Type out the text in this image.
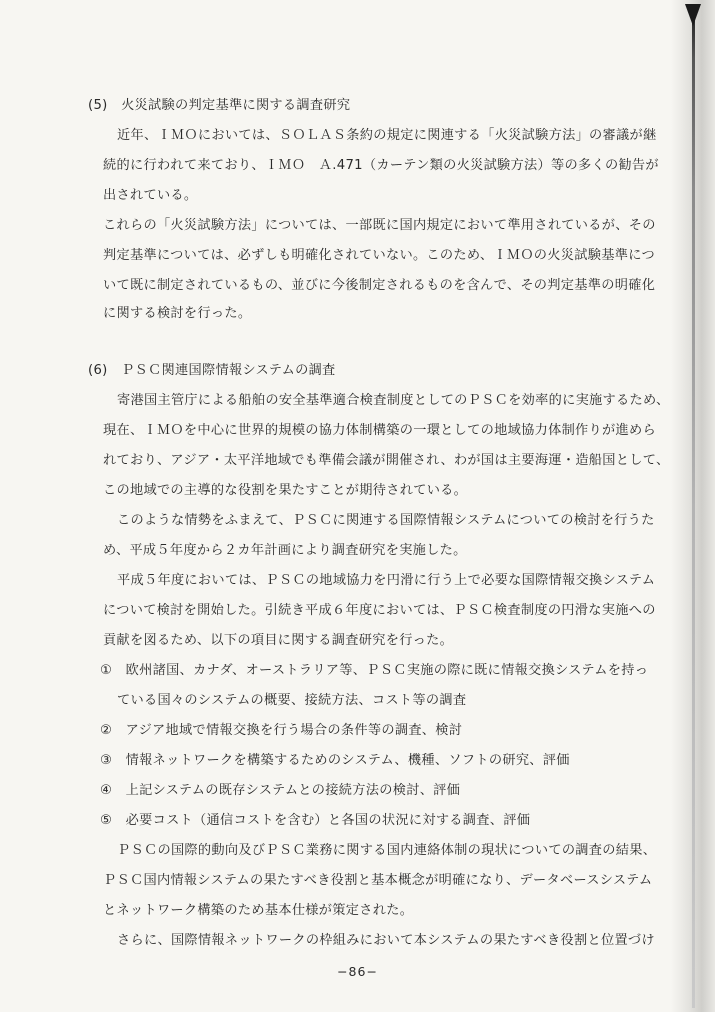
(5)　火災試験の判定基準に関する調査研究
近年、ＩＭＯにおいては、ＳＯＬＡＳ条約の規定に関連する「火災試験方法」の審議が継
続的に行われて来ており、ＩＭＯ　Ａ.471（カーテン類の火災試験方法）等の多くの勧告が
出されている。
これらの「火災試験方法」については、一部既に国内規定において準用されているが、その
判定基準については、必ずしも明確化されていない。このため、ＩＭＯの火災試験基準につ
いて既に制定されているもの、並びに今後制定されるものを含んで、その判定基準の明確化
に関する検討を行った。
(6)　ＰＳＣ関連国際情報システムの調査
寄港国主管庁による船舶の安全基準適合検査制度としてのＰＳＣを効率的に実施するため、
現在、ＩＭＯを中心に世界的規模の協力体制構築の一環としての地域協力体制作りが進めら
れており、アジア・太平洋地域でも準備会議が開催され、わが国は主要海運・造船国として、
この地域での主導的な役割を果たすことが期待されている。
このような情勢をふまえて、ＰＳＣに関連する国際情報システムについての検討を行うた
め、平成５年度から２カ年計画により調査研究を実施した。
平成５年度においては、ＰＳＣの地域協力を円滑に行う上で必要な国際情報交換システム
について検討を開始した。引続き平成６年度においては、ＰＳＣ検査制度の円滑な実施への
貢献を図るため、以下の項目に関する調査研究を行った。
①　欧州諸国、カナダ、オーストラリア等、ＰＳＣ実施の際に既に情報交換システムを持っ
ている国々のシステムの概要、接続方法、コスト等の調査
②　アジア地域で情報交換を行う場合の条件等の調査、検討
③　情報ネットワークを構築するためのシステム、機種、ソフトの研究、評価
④　上記システムの既存システムとの接続方法の検討、評価
⑤　必要コスト（通信コストを含む）と各国の状況に対する調査、評価
ＰＳＣの国際的動向及びＰＳＣ業務に関する国内連絡体制の現状についての調査の結果、
ＰＳＣ国内情報システムの果たすべき役割と基本概念が明確になり、データベースシステム
とネットワーク構築のため基本仕様が策定された。
さらに、国際情報ネットワークの枠組みにおいて本システムの果たすべき役割と位置づけ
−86−
